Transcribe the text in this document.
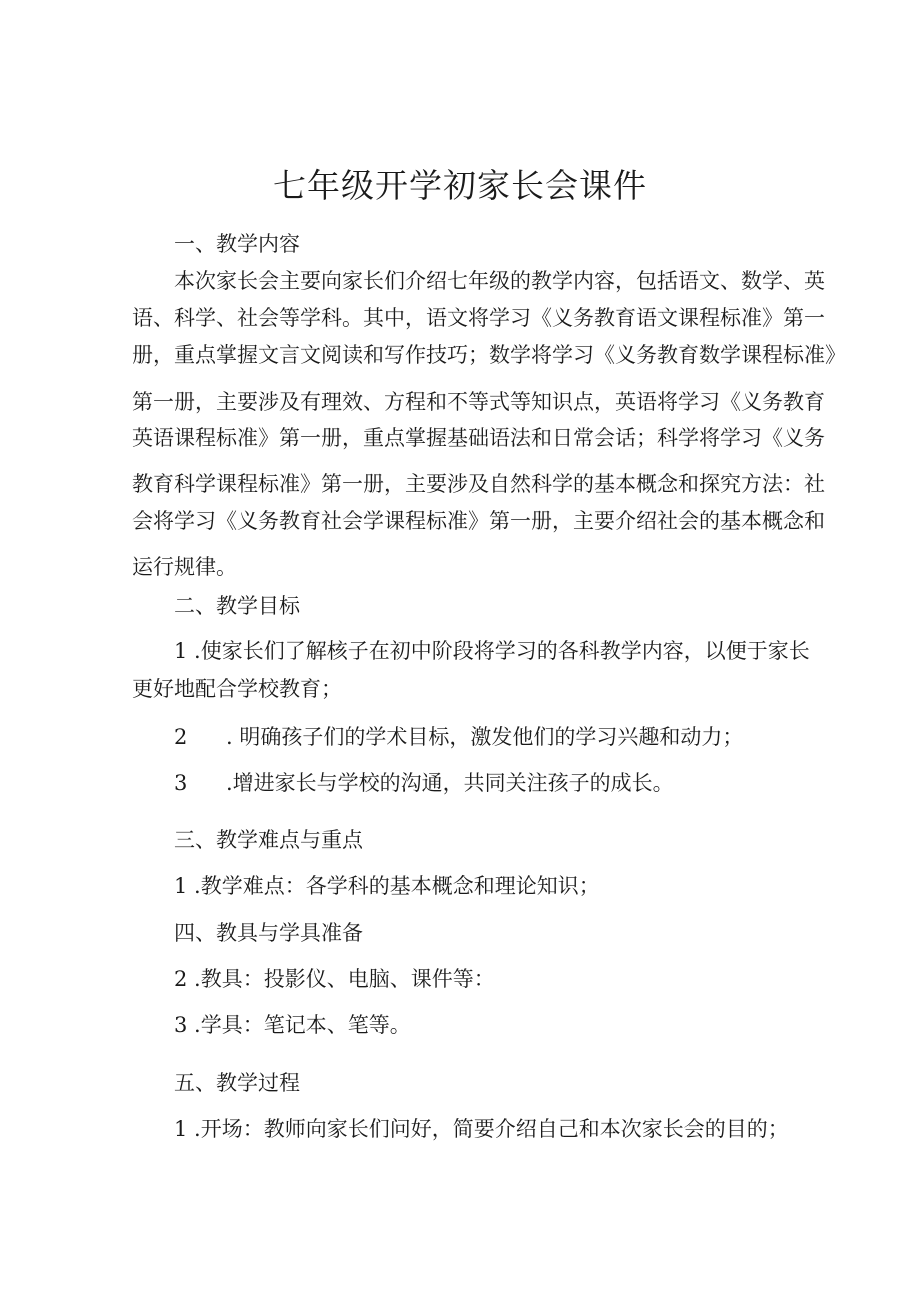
七年级开学初家长会课件
一、教学内容
本次家长会主要向家长们介绍七年级的教学内容，包括语文、数学、英
语、科学、社会等学科。其中，语文将学习《义务教育语文课程标准》第一
册，重点掌握文言文阅读和写作技巧；数学将学习《义务教育数学课程标准》
第一册，主要涉及有理效、方程和不等式等知识点，英语将学习《义务教育
英语课程标准》第一册，重点掌握基础语法和日常会话；科学将学习《义务
教育科学课程标准》第一册，主要涉及自然科学的基本概念和探究方法：社
会将学习《义务教育社会学课程标准》第一册，主要介绍社会的基本概念和
运行规律。
二、教学目标
1 .使家长们了解核子在初中阶段将学习的各科教学内容，以便于家长
更好地配合学校教育；
2 . 明确孩子们的学术目标，激发他们的学习兴趣和动力；
3 .增进家长与学校的沟通，共同关注孩子的成长。
三、教学难点与重点
1 .教学难点：各学科的基本概念和理论知识；
四、教具与学具准备
2 .教具：投影仪、电脑、课件等：
3 .学具：笔记本、笔等。
五、教学过程
1 .开场：教师向家长们问好，简要介绍自己和本次家长会的目的；
